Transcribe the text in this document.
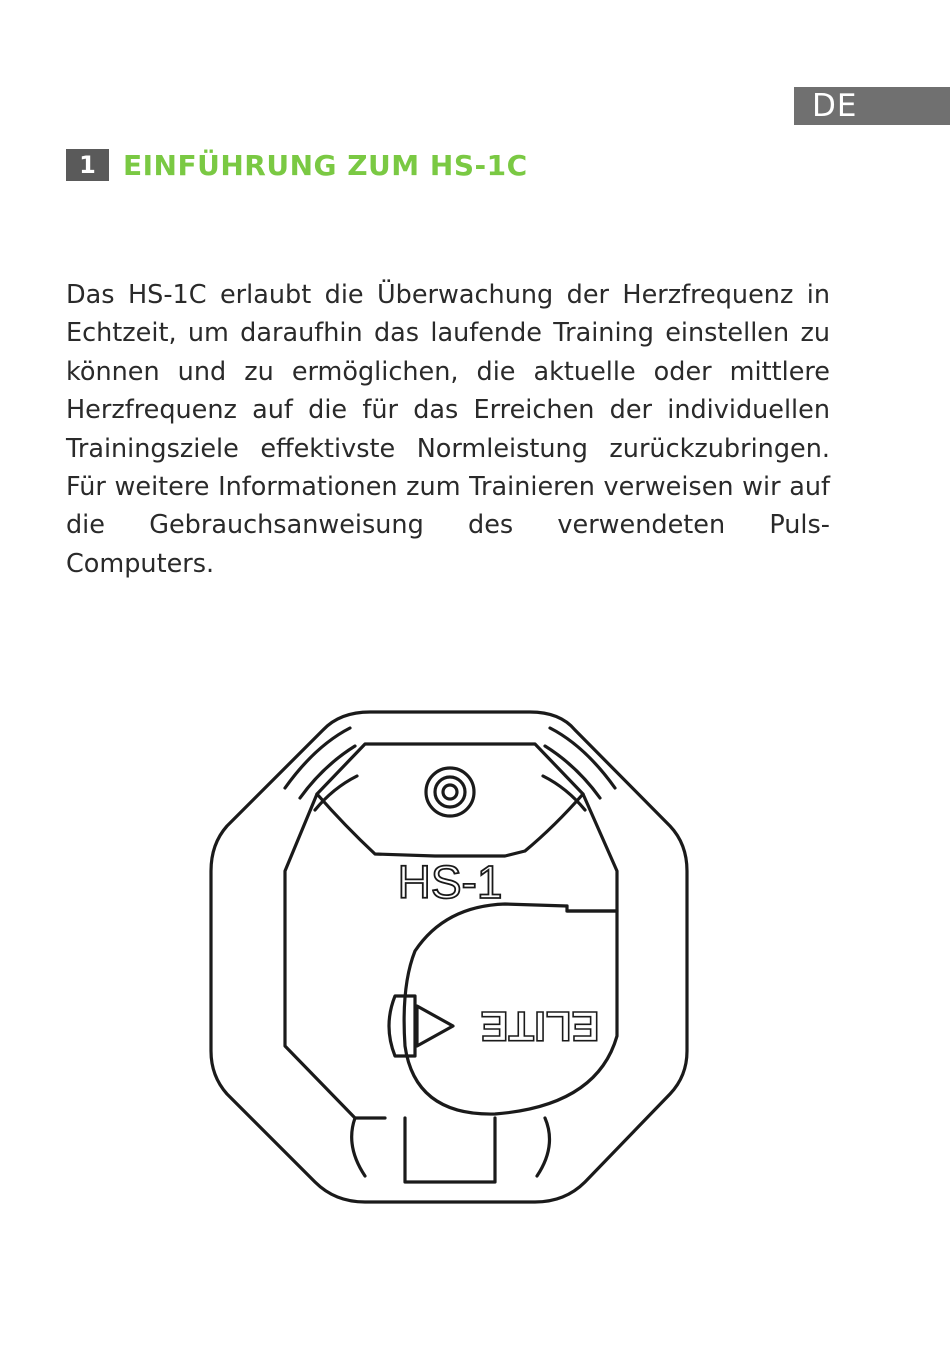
DE
1 EINFÜHRUNG ZUM HS-1C

Das HS-1C erlaubt die Überwachung der Herzfrequenz in Echtzeit, um daraufhin das laufende Training einstellen zu können und zu ermöglichen, die aktuelle oder mittlere Herzfrequenz auf die für das Erreichen der individuellen Trainingsziele effektivste Normleistung zurückzubringen. Für weitere Informationen zum Trainieren verweisen wir auf die Gebrauchsanweisung des verwendeten Puls-Computers.

HS-1
ELITE
